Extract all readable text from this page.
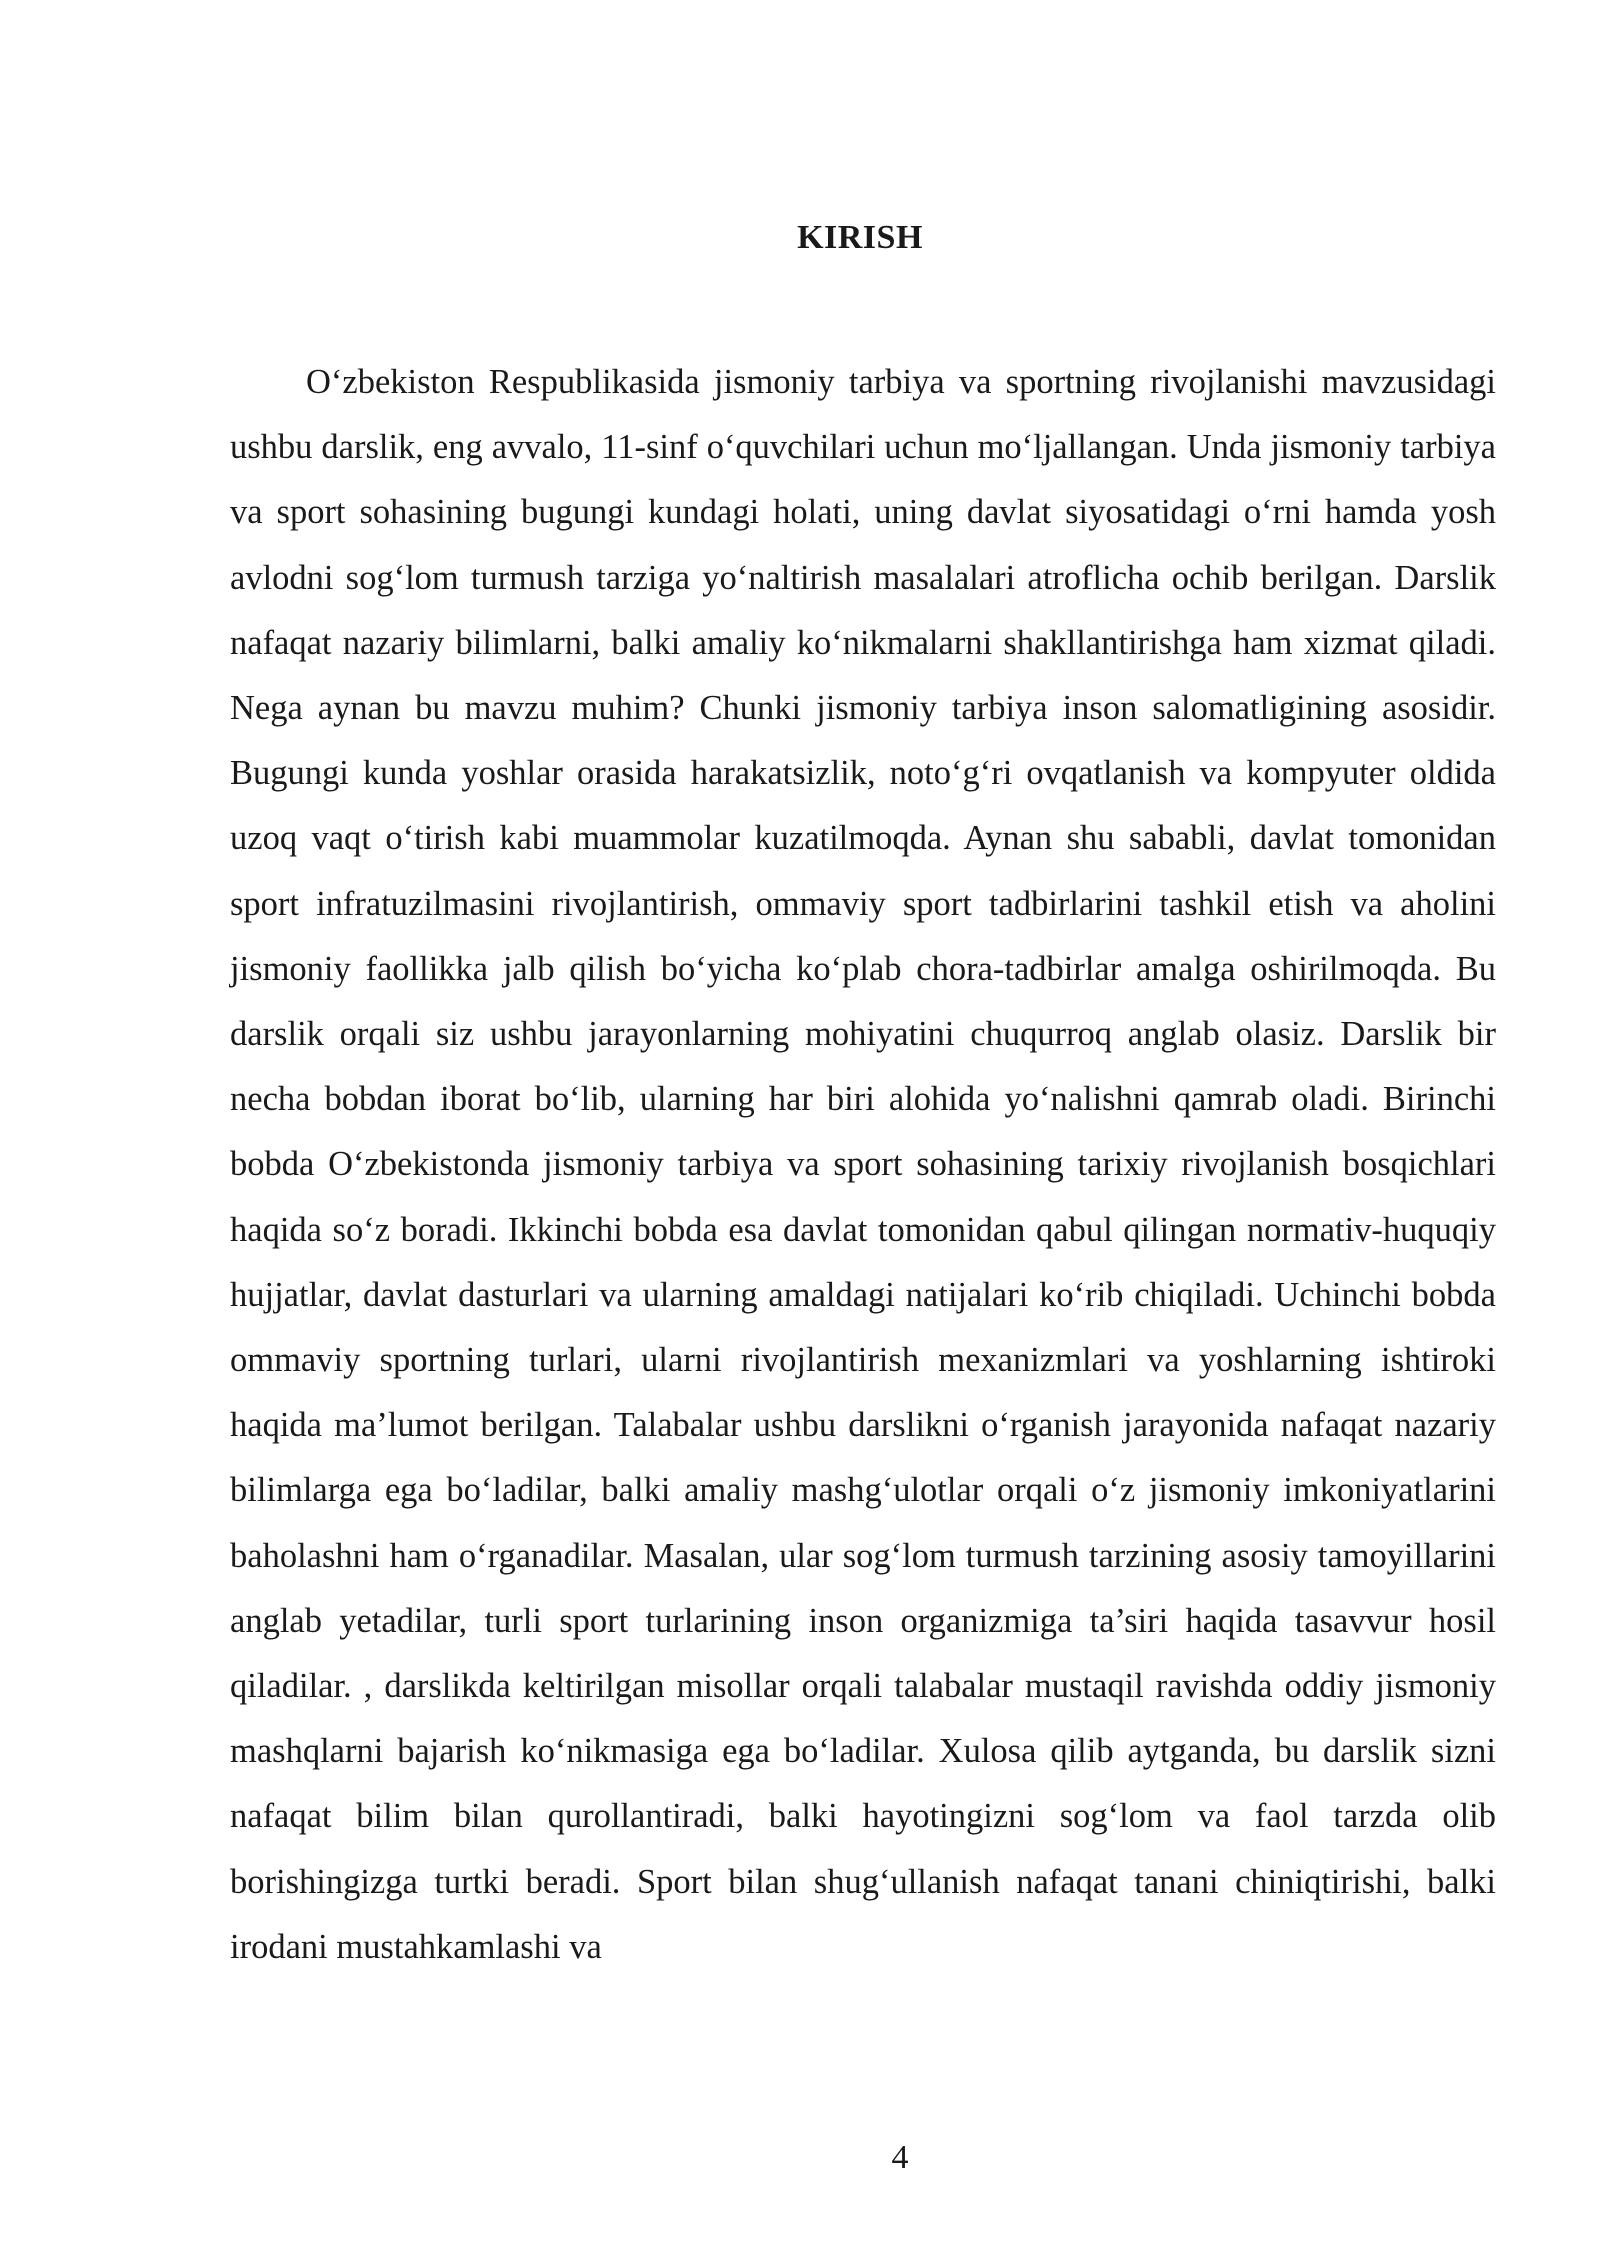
KIRISH

O‘zbekiston Respublikasida jismoniy tarbiya va sportning rivojlanishi mavzusidagi ushbu darslik, eng avvalo, 11-sinf o‘quvchilari uchun mo‘ljallangan. Unda jismoniy tarbiya va sport sohasining bugungi kundagi holati, uning davlat siyosatidagi o‘rni hamda yosh avlodni sog‘lom turmush tarziga yo‘naltirish masalalari atroflicha ochib berilgan. Darslik nafaqat nazariy bilimlarni, balki amaliy ko‘nikmalarni shakllantirishga ham xizmat qiladi. Nega aynan bu mavzu muhim? Chunki jismoniy tarbiya inson salomatligining asosidir. Bugungi kunda yoshlar orasida harakatsizlik, noto‘g‘ri ovqatlanish va kompyuter oldida uzoq vaqt o‘tirish kabi muammolar kuzatilmoqda. Aynan shu sababli, davlat tomonidan sport infratuzilmasini rivojlantirish, ommaviy sport tadbirlarini tashkil etish va aholini jismoniy faollikka jalb qilish bo‘yicha ko‘plab chora-tadbirlar amalga oshirilmoqda. Bu darslik orqali siz ushbu jarayonlarning mohiyatini chuqurroq anglab olasiz. Darslik bir necha bobdan iborat bo‘lib, ularning har biri alohida yo‘nalishni qamrab oladi. Birinchi bobda O‘zbekistonda jismoniy tarbiya va sport sohasining tarixiy rivojlanish bosqichlari haqida so‘z boradi. Ikkinchi bobda esa davlat tomonidan qabul qilingan normativ-huquqiy hujjatlar, davlat dasturlari va ularning amaldagi natijalari ko‘rib chiqiladi. Uchinchi bobda ommaviy sportning turlari, ularni rivojlantirish mexanizmlari va yoshlarning ishtiroki haqida ma’lumot berilgan. Talabalar ushbu darslikni o‘rganish jarayonida nafaqat nazariy bilimlarga ega bo‘ladilar, balki amaliy mashg‘ulotlar orqali o‘z jismoniy imkoniyatlarini baholashni ham o‘rganadilar. Masalan, ular sog‘lom turmush tarzining asosiy tamoyillarini anglab yetadilar, turli sport turlarining inson organizmiga ta’siri haqida tasavvur hosil qiladilar. , darslikda keltirilgan misollar orqali talabalar mustaqil ravishda oddiy jismoniy mashqlarni bajarish ko‘nikmasiga ega bo‘ladilar. Xulosa qilib aytganda, bu darslik sizni nafaqat bilim bilan qurollantiradi, balki hayotingizni sog‘lom va faol tarzda olib borishingizga turtki beradi. Sport bilan shug‘ullanish nafaqat tanani chiniqtirishi, balki irodani mustahkamlashi va

4
